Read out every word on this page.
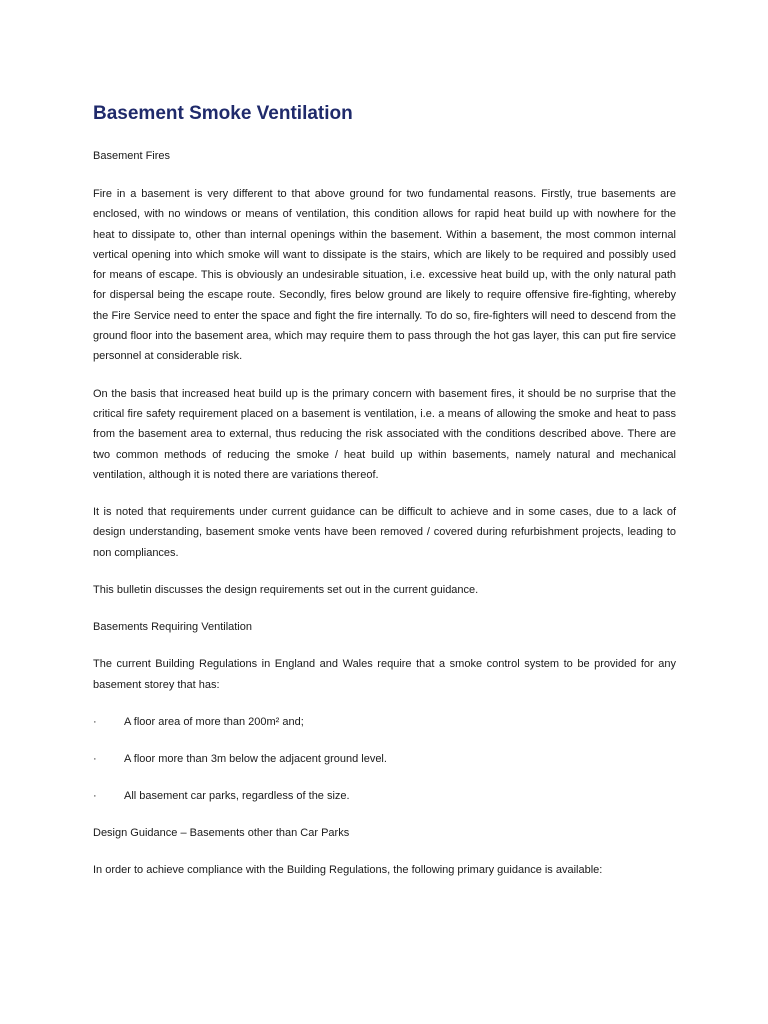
Basement Smoke Ventilation

Basement Fires

Fire in a basement is very different to that above ground for two fundamental reasons. Firstly, true basements are enclosed, with no windows or means of ventilation, this condition allows for rapid heat build up with nowhere for the heat to dissipate to, other than internal openings within the basement. Within a basement, the most common internal vertical opening into which smoke will want to dissipate is the stairs, which are likely to be required and possibly used for means of escape. This is obviously an undesirable situation, i.e. excessive heat build up, with the only natural path for dispersal being the escape route. Secondly, fires below ground are likely to require offensive fire-fighting, whereby the Fire Service need to enter the space and fight the fire internally. To do so, fire-fighters will need to descend from the ground floor into the basement area, which may require them to pass through the hot gas layer, this can put fire service personnel at considerable risk.

On the basis that increased heat build up is the primary concern with basement fires, it should be no surprise that the critical fire safety requirement placed on a basement is ventilation, i.e. a means of allowing the smoke and heat to pass from the basement area to external, thus reducing the risk associated with the conditions described above. There are two common methods of reducing the smoke / heat build up within basements, namely natural and mechanical ventilation, although it is noted there are variations thereof.

It is noted that requirements under current guidance can be difficult to achieve and in some cases, due to a lack of design understanding, basement smoke vents have been removed / covered during refurbishment projects, leading to non compliances.

This bulletin discusses the design requirements set out in the current guidance.

Basements Requiring Ventilation

The current Building Regulations in England and Wales require that a smoke control system to be provided for any basement storey that has:

· A floor area of more than 200m² and;

· A floor more than 3m below the adjacent ground level.

· All basement car parks, regardless of the size.

Design Guidance – Basements other than Car Parks

In order to achieve compliance with the Building Regulations, the following primary guidance is available:
